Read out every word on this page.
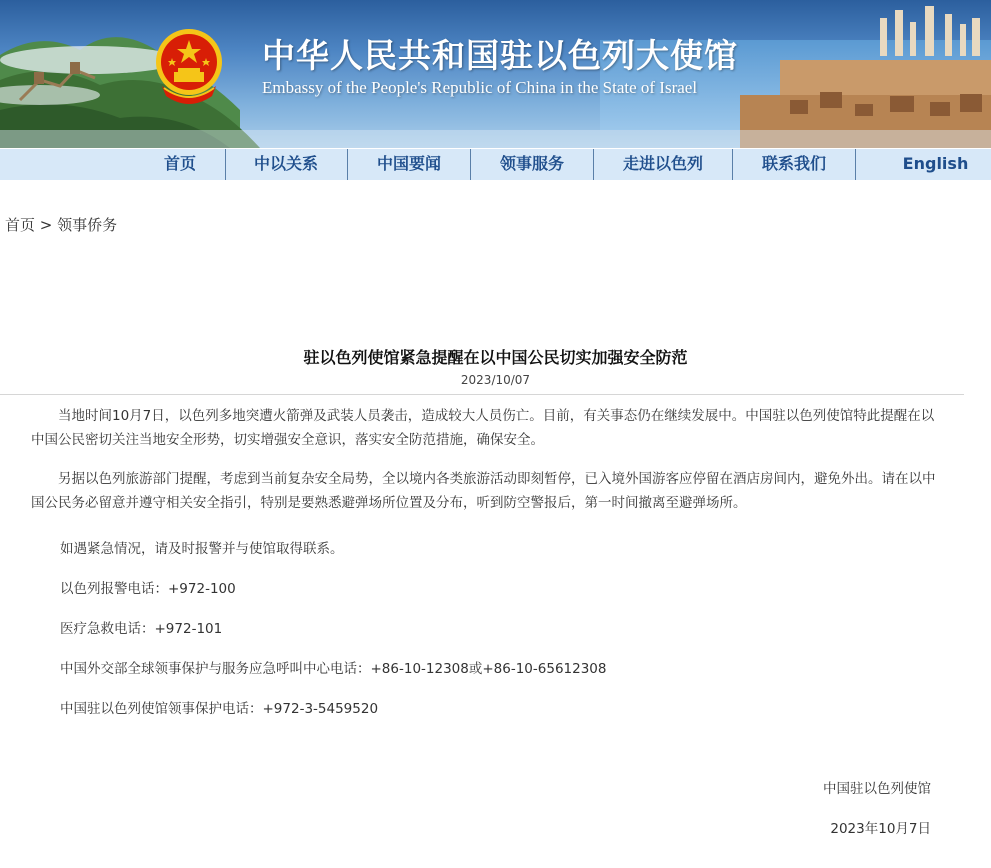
中华人民共和国驻以色列大使馆
Embassy of the People's Republic of China in the State of Israel
首页	中以关系	中国要闻	领事服务	走进以色列	联系我们	English
首页 > 领事侨务
驻以色列使馆紧急提醒在以中国公民切实加强安全防范
2023/10/07

当地时间10月7日，以色列多地突遭火箭弹及武装人员袭击，造成较大人员伤亡。目前，有关事态仍在继续发展中。中国驻以色列使馆特此提醒在以中国公民密切关注当地安全形势，切实增强安全意识，落实安全防范措施，确保安全。

另据以色列旅游部门提醒，考虑到当前复杂安全局势，全以境内各类旅游活动即刻暂停，已入境外国游客应停留在酒店房间内，避免外出。请在以中国公民务必留意并遵守相关安全指引，特别是要熟悉避弹场所位置及分布，听到防空警报后，第一时间撤离至避弹场所。

如遇紧急情况，请及时报警并与使馆取得联系。
以色列报警电话：+972-100
医疗急救电话：+972-101
中国外交部全球领事保护与服务应急呼叫中心电话：+86-10-12308或+86-10-65612308
中国驻以色列使馆领事保护电话：+972-3-5459520
中国驻以色列使馆
2023年10月7日
